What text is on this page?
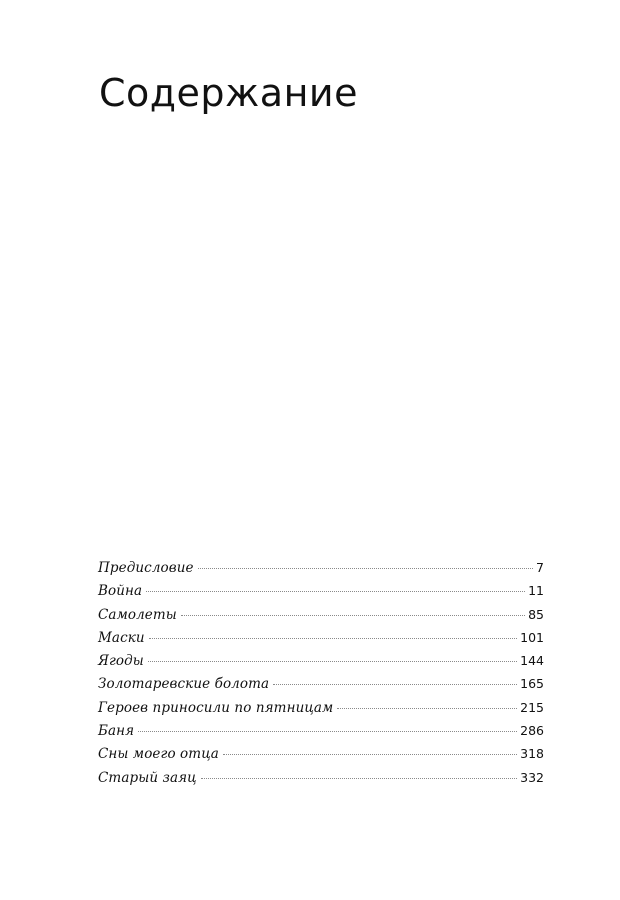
Содержание
Предисловие	7
Война	11
Самолеты	85
Маски	101
Ягоды	144
Золотаревские болота	165
Героев приносили по пятницам	215
Баня	286
Сны моего отца	318
Старый заяц	332
